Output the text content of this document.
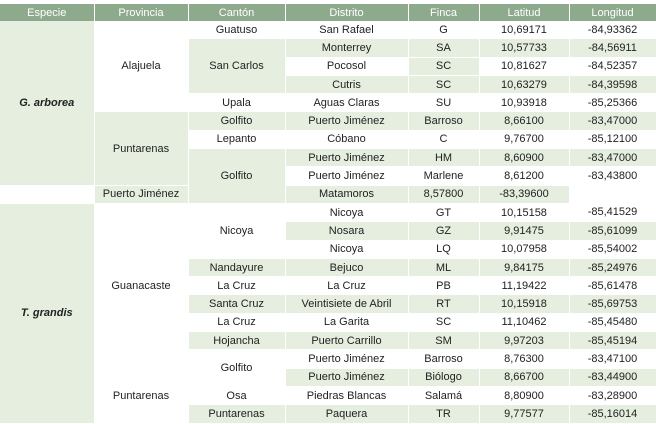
Especie	Provincia	Cantón	Distrito	Finca	Latitud	Longitud
G. arborea	Alajuela	Guatuso	San Rafael	G	10,69171	-84,93362
		San Carlos	Monterrey	SA	10,57733	-84,56911
			Pocosol	SC	10,81627	-84,52357
			Cutris	SC	10,63279	-84,39598
		Upala	Aguas Claras	SU	10,93918	-85,25366
	Puntarenas	Golfito	Puerto Jiménez	Barroso	8,66100	-83,47000
		Lepanto	Cóbano	C	9,76700	-85,12100
		Golfito	Puerto Jiménez	HM	8,60900	-83,47000
			Puerto Jiménez	Marlene	8,61200	-83,43800
	Puerto Jiménez		Matamoros	8,57800	-83,39600	
T. grandis	Guanacaste	Nicoya	Nicoya	GT	10,15158	-85,41529
			Nosara	GZ	9,91475	-85,61099
			Nicoya	LQ	10,07958	-85,54002
		Nandayure	Bejuco	ML	9,84175	-85,24976
		La Cruz	La Cruz	PB	11,19422	-85,61478
		Santa Cruz	Veintisiete de Abril	RT	10,15918	-85,69753
		La Cruz	La Garita	SC	11,10462	-85,45480
		Hojancha	Puerto Carrillo	SM	9,97203	-85,45194
		Golfito	Puerto Jiménez	Barroso	8,76300	-83,47100
	Puntarenas		Puerto Jiménez	Biólogo	8,66700	-83,44900
		Osa	Piedras Blancas	Salamá	8,80900	-83,28900
		Puntarenas	Paquera	TR	9,77577	-85,16014
